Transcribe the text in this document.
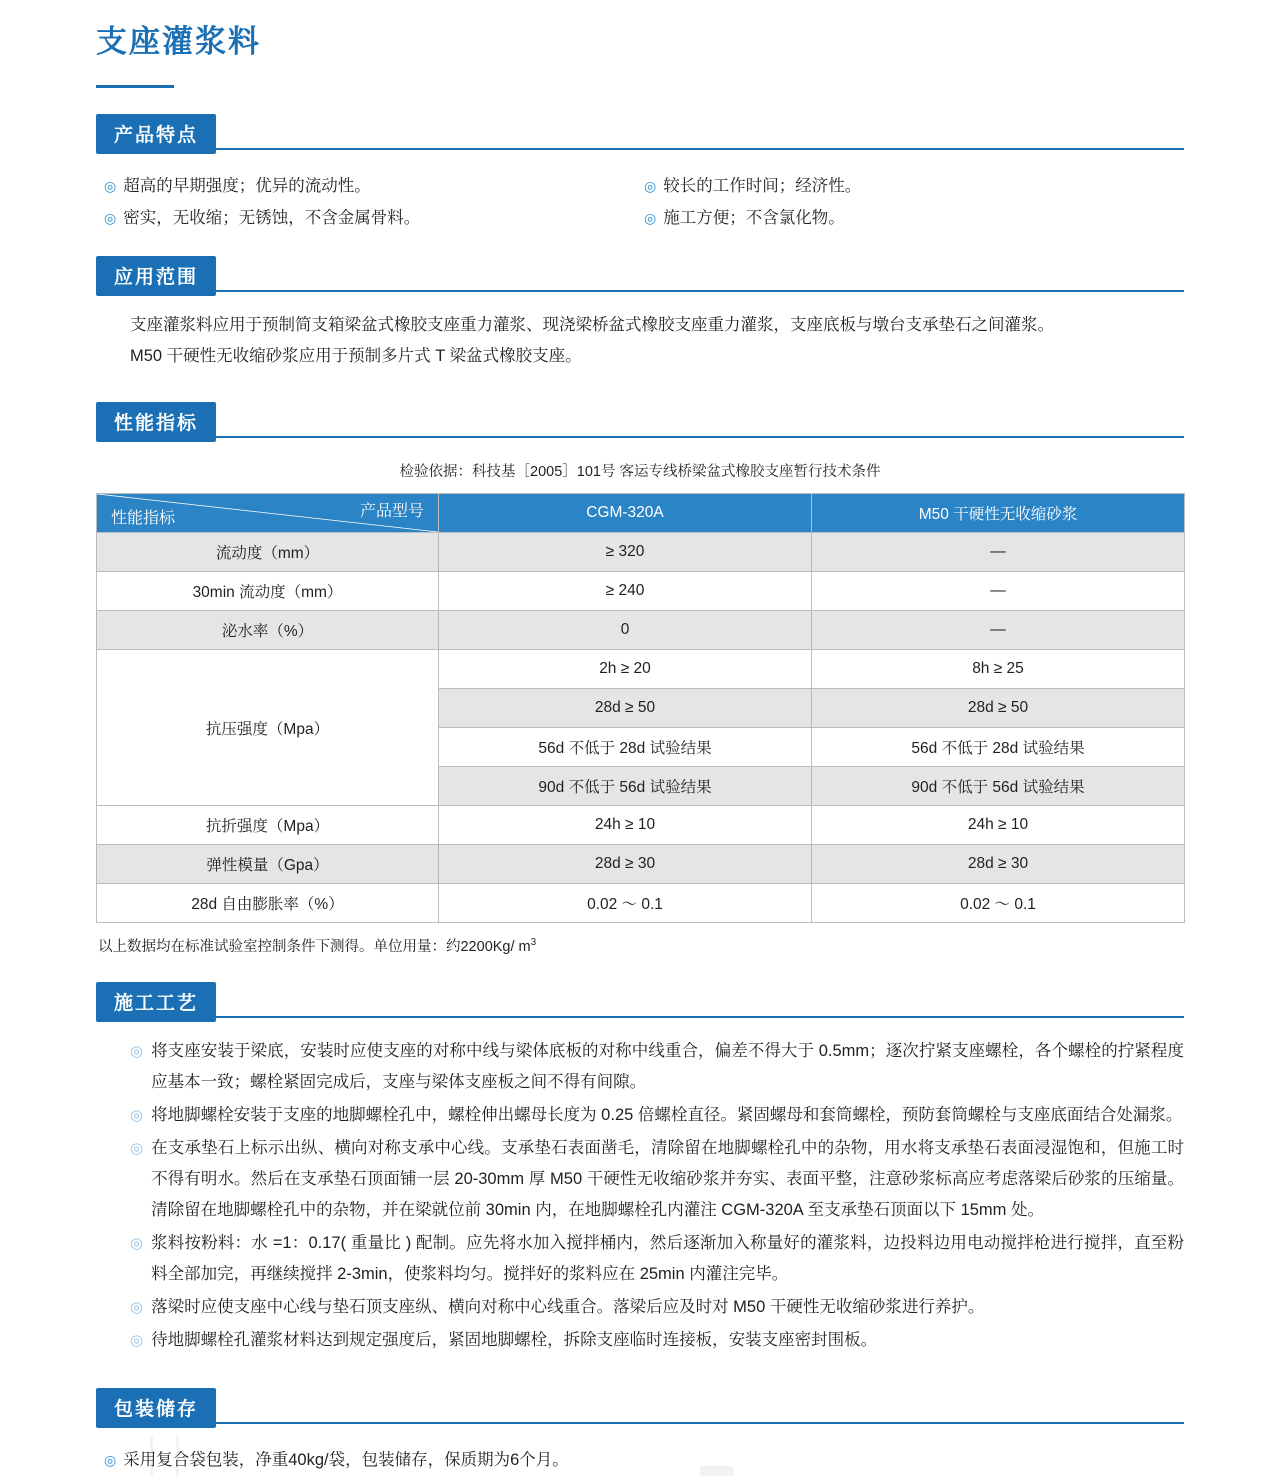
支座灌浆料
产品特点
◎ 超高的早期强度；优异的流动性。	◎ 较长的工作时间；经济性。
◎ 密实，无收缩；无锈蚀，不含金属骨料。	◎ 施工方便；不含氯化物。
应用范围
支座灌浆料应用于预制简支箱梁盆式橡胶支座重力灌浆、现浇梁桥盆式橡胶支座重力灌浆，支座底板与墩台支承垫石之间灌浆。
M50 干硬性无收缩砂浆应用于预制多片式 T 梁盆式橡胶支座。
性能指标
检验依据：科技基［2005］101号 客运专线桥梁盆式橡胶支座暂行技术条件
产品型号
性能指标	CGM-320A	M50 干硬性无收缩砂浆
流动度（mm）	≥ 320	—
30min 流动度（mm）	≥ 240	—
泌水率（%）	0	—
抗压强度（Mpa）	2h ≥ 20	8h ≥ 25
	28d ≥ 50	28d ≥ 50
	56d 不低于 28d 试验结果	56d 不低于 28d 试验结果
	90d 不低于 56d 试验结果	90d 不低于 56d 试验结果
抗折强度（Mpa）	24h ≥ 10	24h ≥ 10
弹性模量（Gpa）	28d ≥ 30	28d ≥ 30
28d 自由膨胀率（%）	0.02 ～ 0.1	0.02 ～ 0.1
以上数据均在标准试验室控制条件下测得。单位用量：约2200Kg/ $m^3$
施工工艺
◎ 将支座安装于梁底，安装时应使支座的对称中线与梁体底板的对称中线重合，偏差不得大于 0.5mm；逐次拧紧支座螺栓，各个螺栓的拧紧程度应基本一致；螺栓紧固完成后，支座与梁体支座板之间不得有间隙。
◎ 将地脚螺栓安装于支座的地脚螺栓孔中，螺栓伸出螺母长度为 0.25 倍螺栓直径。紧固螺母和套筒螺栓，预防套筒螺栓与支座底面结合处漏浆。
◎ 在支承垫石上标示出纵、横向对称支承中心线。支承垫石表面凿毛，清除留在地脚螺栓孔中的杂物，用水将支承垫石表面浸湿饱和，但施工时不得有明水。然后在支承垫石顶面铺一层 20-30mm 厚 M50 干硬性无收缩砂浆并夯实、表面平整，注意砂浆标高应考虑落梁后砂浆的压缩量。清除留在地脚螺栓孔中的杂物，并在梁就位前 30min 内，在地脚螺栓孔内灌注 CGM-320A 至支承垫石顶面以下 15mm 处。
◎ 浆料按粉料：水 =1：0.17( 重量比 ) 配制。应先将水加入搅拌桶内，然后逐渐加入称量好的灌浆料，边投料边用电动搅拌枪进行搅拌，直至粉料全部加完，再继续搅拌 2-3min，使浆料均匀。搅拌好的浆料应在 25min 内灌注完毕。
◎ 落梁时应使支座中心线与垫石顶支座纵、横向对称中心线重合。落梁后应及时对 M50 干硬性无收缩砂浆进行养护。
◎ 待地脚螺栓孔灌浆材料达到规定强度后，紧固地脚螺栓，拆除支座临时连接板，安装支座密封围板。
包装储存
◎ 采用复合袋包装，净重40kg/袋，包装储存，保质期为6个月。
